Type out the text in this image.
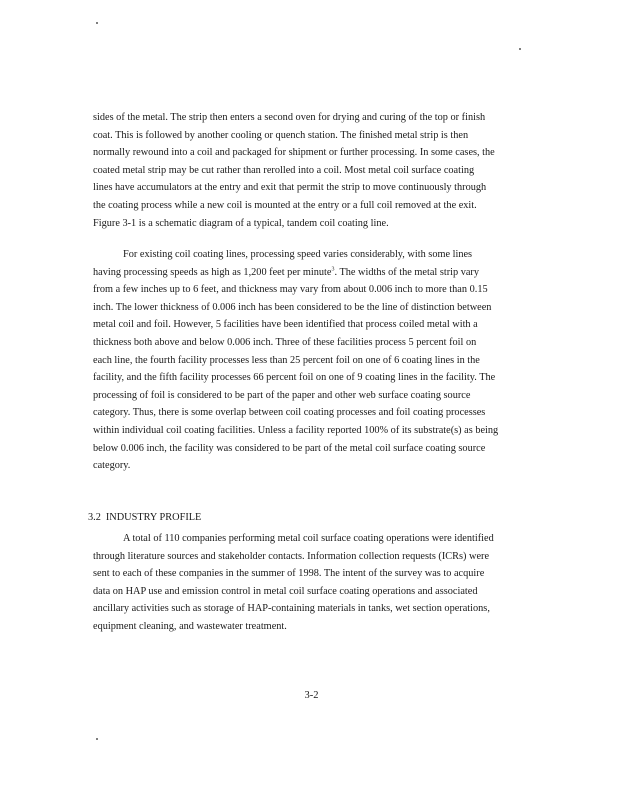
sides of the metal. The strip then enters a second oven for drying and curing of the top or finish
coat. This is followed by another cooling or quench station. The finished metal strip is then
normally rewound into a coil and packaged for shipment or further processing. In some cases, the
coated metal strip may be cut rather than rerolled into a coil. Most metal coil surface coating
lines have accumulators at the entry and exit that permit the strip to move continuously through
the coating process while a new coil is mounted at the entry or a full coil removed at the exit.
Figure 3-1 is a schematic diagram of a typical, tandem coil coating line.

For existing coil coating lines, processing speed varies considerably, with some lines
having processing speeds as high as 1,200 feet per minute$^3$. The widths of the metal strip vary
from a few inches up to 6 feet, and thickness may vary from about 0.006 inch to more than 0.15
inch. The lower thickness of 0.006 inch has been considered to be the line of distinction between
metal coil and foil. However, 5 facilities have been identified that process coiled metal with a
thickness both above and below 0.006 inch. Three of these facilities process 5 percent foil on
each line, the fourth facility processes less than 25 percent foil on one of 6 coating lines in the
facility, and the fifth facility processes 66 percent foil on one of 9 coating lines in the facility. The
processing of foil is considered to be part of the paper and other web surface coating source
category. Thus, there is some overlap between coil coating processes and foil coating processes
within individual coil coating facilities. Unless a facility reported 100% of its substrate(s) as being
below 0.006 inch, the facility was considered to be part of the metal coil surface coating source
category.

3.2 INDUSTRY PROFILE

A total of 110 companies performing metal coil surface coating operations were identified
through literature sources and stakeholder contacts. Information collection requests (ICRs) were
sent to each of these companies in the summer of 1998. The intent of the survey was to acquire
data on HAP use and emission control in metal coil surface coating operations and associated
ancillary activities such as storage of HAP-containing materials in tanks, wet section operations,
equipment cleaning, and wastewater treatment.

3-2
